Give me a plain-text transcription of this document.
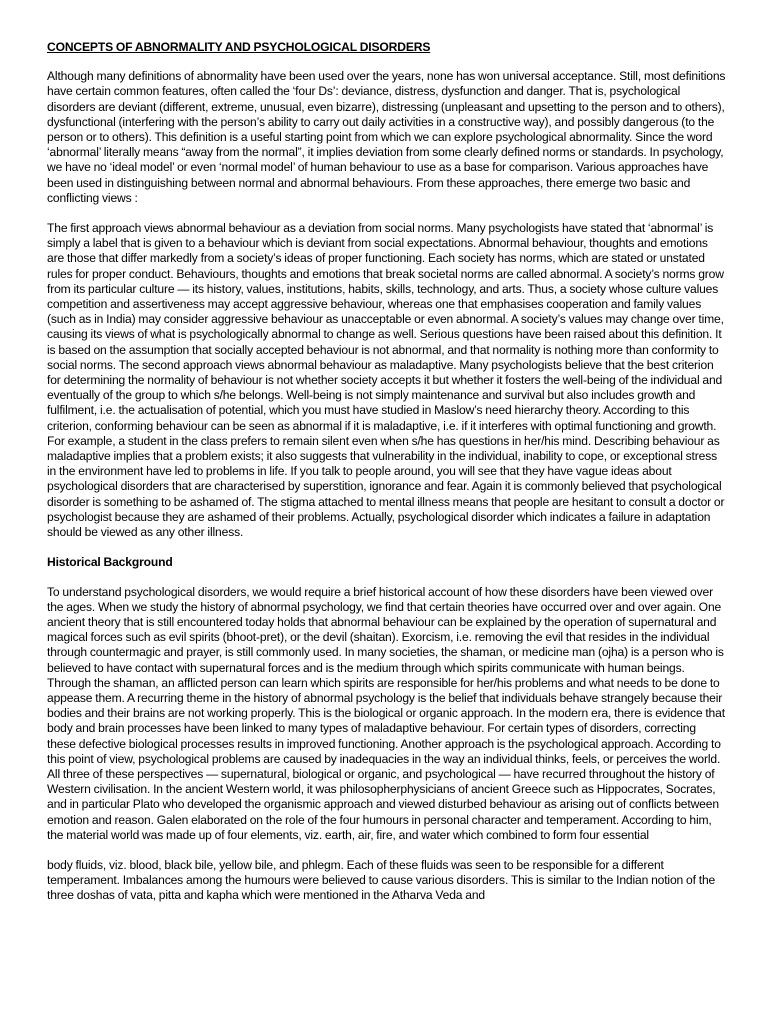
CONCEPTS OF ABNORMALITY AND PSYCHOLOGICAL DISORDERS

Although many definitions of abnormality have been used over the years, none has won universal acceptance. Still, most definitions have certain common features, often called the ‘four Ds’: deviance, distress, dysfunction and danger. That is, psychological disorders are deviant (different, extreme, unusual, even bizarre), distressing (unpleasant and upsetting to the person and to others), dysfunctional (interfering with the person’s ability to carry out daily activities in a constructive way), and possibly dangerous (to the person or to others). This definition is a useful starting point from which we can explore psychological abnormality. Since the word ‘abnormal’ literally means “away from the normal”, it implies deviation from some clearly defined norms or standards. In psychology, we have no ‘ideal model’ or even ‘normal model’ of human behaviour to use as a base for comparison. Various approaches have been used in distinguishing between normal and abnormal behaviours. From these approaches, there emerge two basic and conflicting views :

The first approach views abnormal behaviour as a deviation from social norms. Many psychologists have stated that ‘abnormal’ is simply a label that is given to a behaviour which is deviant from social expectations. Abnormal behaviour, thoughts and emotions are those that differ markedly from a society’s ideas of proper functioning. Each society has norms, which are stated or unstated rules for proper conduct. Behaviours, thoughts and emotions that break societal norms are called abnormal. A society’s norms grow from its particular culture — its history, values, institutions, habits, skills, technology, and arts. Thus, a society whose culture values competition and assertiveness may accept aggressive behaviour, whereas one that emphasises cooperation and family values (such as in India) may consider aggressive behaviour as unacceptable or even abnormal. A society’s values may change over time, causing its views of what is psychologically abnormal to change as well. Serious questions have been raised about this definition. It is based on the assumption that socially accepted behaviour is not abnormal, and that normality is nothing more than conformity to social norms. The second approach views abnormal behaviour as maladaptive. Many psychologists believe that the best criterion for determining the normality of behaviour is not whether society accepts it but whether it fosters the well-being of the individual and eventually of the group to which s/he belongs. Well-being is not simply maintenance and survival but also includes growth and fulfilment, i.e. the actualisation of potential, which you must have studied in Maslow’s need hierarchy theory. According to this criterion, conforming behaviour can be seen as abnormal if it is maladaptive, i.e. if it interferes with optimal functioning and growth. For example, a student in the class prefers to remain silent even when s/he has questions in her/his mind. Describing behaviour as maladaptive implies that a problem exists; it also suggests that vulnerability in the individual, inability to cope, or exceptional stress in the environment have led to problems in life. If you talk to people around, you will see that they have vague ideas about psychological disorders that are characterised by superstition, ignorance and fear. Again it is commonly believed that psychological disorder is something to be ashamed of. The stigma attached to mental illness means that people are hesitant to consult a doctor or psychologist because they are ashamed of their problems. Actually, psychological disorder which indicates a failure in adaptation should be viewed as any other illness.

Historical Background

To understand psychological disorders, we would require a brief historical account of how these disorders have been viewed over the ages. When we study the history of abnormal psychology, we find that certain theories have occurred over and over again. One ancient theory that is still encountered today holds that abnormal behaviour can be explained by the operation of supernatural and magical forces such as evil spirits (bhoot-pret), or the devil (shaitan). Exorcism, i.e. removing the evil that resides in the individual through countermagic and prayer, is still commonly used. In many societies, the shaman, or medicine man (ojha) is a person who is believed to have contact with supernatural forces and is the medium through which spirits communicate with human beings. Through the shaman, an afflicted person can learn which spirits are responsible for her/his problems and what needs to be done to appease them. A recurring theme in the history of abnormal psychology is the belief that individuals behave strangely because their bodies and their brains are not working properly. This is the biological or organic approach. In the modern era, there is evidence that body and brain processes have been linked to many types of maladaptive behaviour. For certain types of disorders, correcting these defective biological processes results in improved functioning. Another approach is the psychological approach. According to this point of view, psychological problems are caused by inadequacies in the way an individual thinks, feels, or perceives the world. All three of these perspectives — supernatural, biological or organic, and psychological — have recurred throughout the history of Western civilisation. In the ancient Western world, it was philosopherphysicians of ancient Greece such as Hippocrates, Socrates, and in particular Plato who developed the organismic approach and viewed disturbed behaviour as arising out of conflicts between emotion and reason. Galen elaborated on the role of the four humours in personal character and temperament. According to him, the material world was made up of four elements, viz. earth, air, fire, and water which combined to form four essential

body fluids, viz. blood, black bile, yellow bile, and phlegm. Each of these fluids was seen to be responsible for a different temperament. Imbalances among the humours were believed to cause various disorders. This is similar to the Indian notion of the three doshas of vata, pitta and kapha which were mentioned in the Atharva Veda and
